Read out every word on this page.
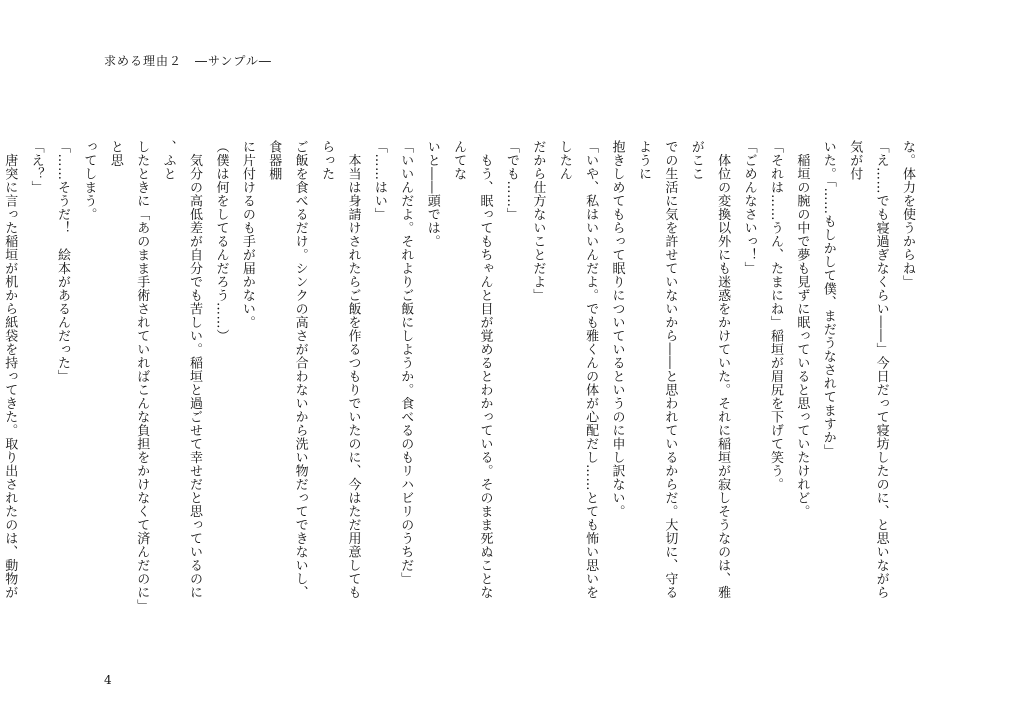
求める理由２　―サンプル―

な。体力を使うからね」

「え……でも寝過ぎなくらい――」今日だって寝坊したのに、と思いながら気が付

いた。「……もしかして僕、まだうなされてますか」

　稲垣の腕の中で夢も見ずに眠っていると思っていたけれど。

「それは……うん、たまにね」稲垣が眉尻を下げて笑う。

「ごめんなさいっ！」

　体位の変換以外にも迷惑をかけていた。それに稲垣が寂しそうなのは、雅がここ

での生活に気を許せていないから――と思われているからだ。大切に、守るように

抱きしめてもらって眠りについているというのに申し訳ない。

「いや、私はいいんだよ。でも雅くんの体が心配だし……とても怖い思いをしたん

だから仕方ないことだよ」

「でも……」

　もう、眠ってもちゃんと目が覚めるとわかっている。そのまま死ぬことなんてな

いと――頭では。

「いいんだよ。それよりご飯にしようか。食べるのもリハビリのうちだ」

「……はい」

　本当は身請けされたらご飯を作るつもりでいたのに、今はただ用意してもらった

ご飯を食べるだけ。シンクの高さが合わないから洗い物だってできないし、食器棚

に片付けるのも手が届かない。

（僕は何をしてるんだろう……）

　気分の高低差が自分でも苦しい。稲垣と過ごせて幸せだと思っているのに、ふと

したときに「あのまま手術されていればこんな負担をかけなくて済んだのに」と思

ってしまう。

「……そうだ！　絵本があるんだった」

「え？」

　唐突に言った稲垣が机から紙袋を持ってきた。取り出されたのは、動物が

4
